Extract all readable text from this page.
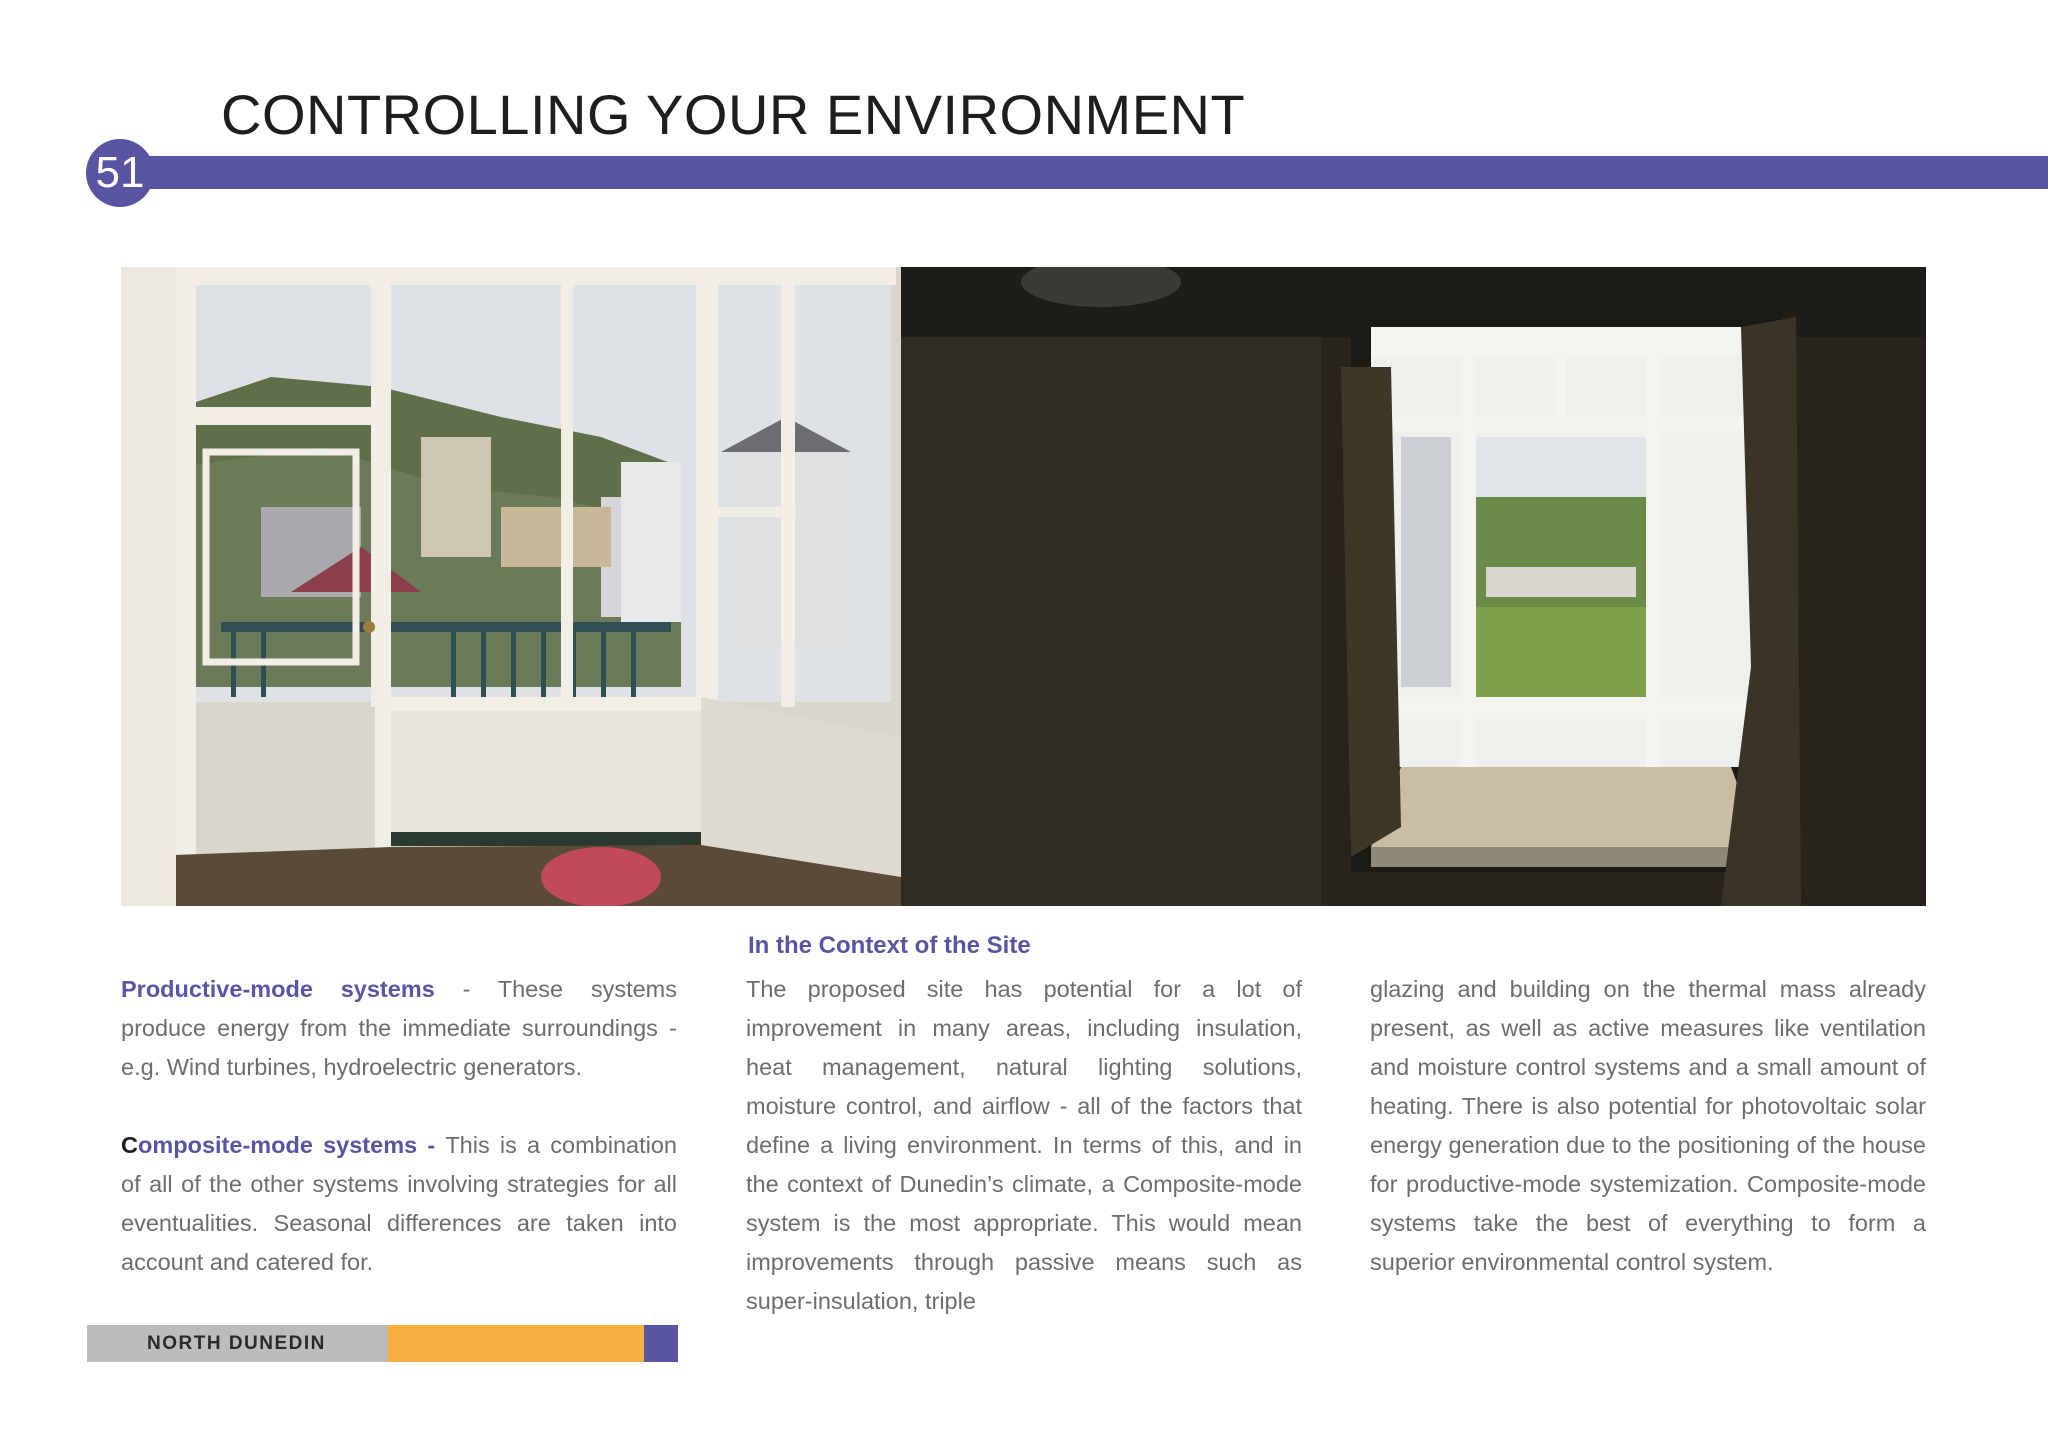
CONTROLLING YOUR ENVIRONMENT
51
In the Context of the Site

Productive-mode systems - These systems produce energy from the immediate surroundings - e.g. Wind turbines, hydroelectric generators.

Composite-mode systems - This is a combination of all of the other systems involving strategies for all eventualities. Seasonal differences are taken into account and catered for.

The proposed site has potential for a lot of improvement in many areas, including insulation, heat management, natural lighting solutions, moisture control, and airflow - all of the factors that define a living environment. In terms of this, and in the context of Dunedin’s climate, a Composite-mode system is the most appropriate. This would mean improvements through passive means such as super-insulation, triple

glazing and building on the thermal mass already present, as well as active measures like ventilation and moisture control systems and a small amount of heating. There is also potential for photovoltaic solar energy generation due to the positioning of the house for productive-mode systemization. Composite-mode systems take the best of everything to form a superior environmental control system.

NORTH DUNEDIN
